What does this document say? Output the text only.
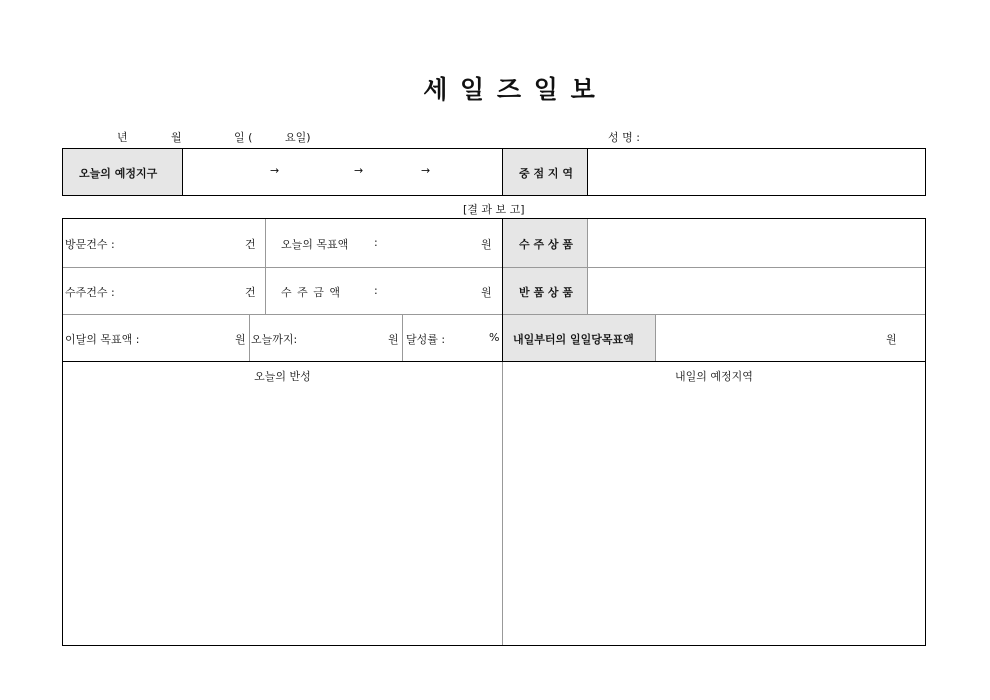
세 일 즈 일 보
년	월	일 (	요일)	성 명 :
오늘의 예정지구	→	→	→	중 점 지 역
[결 과 보 고]
방문건수 :	건 오늘의 목표액 :	원 수 주 상 품
수주건수 :	건 수 주 금 액	:	원 반 품 상 품
이달의 목표액 :	원 오늘까지:	원 달성률 :	% 내일부터의 일일당목표액	원
오늘의 반성	내일의 예정지역
